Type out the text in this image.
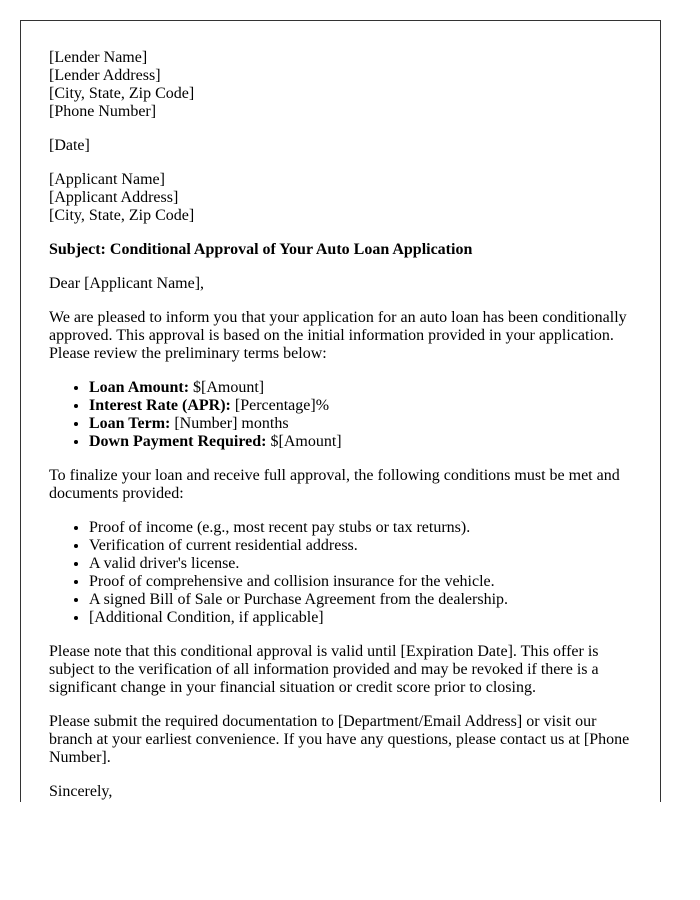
[Lender Name]
[Lender Address]
[City, State, Zip Code]
[Phone Number]

[Date]

[Applicant Name]
[Applicant Address]
[City, State, Zip Code]

Subject: Conditional Approval of Your Auto Loan Application

Dear [Applicant Name],

We are pleased to inform you that your application for an auto loan has been conditionally approved. This approval is based on the initial information provided in your application. Please review the preliminary terms below:

• Loan Amount: $[Amount]
• Interest Rate (APR): [Percentage]%
• Loan Term: [Number] months
• Down Payment Required: $[Amount]

To finalize your loan and receive full approval, the following conditions must be met and documents provided:

• Proof of income (e.g., most recent pay stubs or tax returns).
• Verification of current residential address.
• A valid driver's license.
• Proof of comprehensive and collision insurance for the vehicle.
• A signed Bill of Sale or Purchase Agreement from the dealership.
• [Additional Condition, if applicable]

Please note that this conditional approval is valid until [Expiration Date]. This offer is subject to the verification of all information provided and may be revoked if there is a significant change in your financial situation or credit score prior to closing.

Please submit the required documentation to [Department/Email Address] or visit our branch at your earliest convenience. If you have any questions, please contact us at [Phone Number].

Sincerely,
